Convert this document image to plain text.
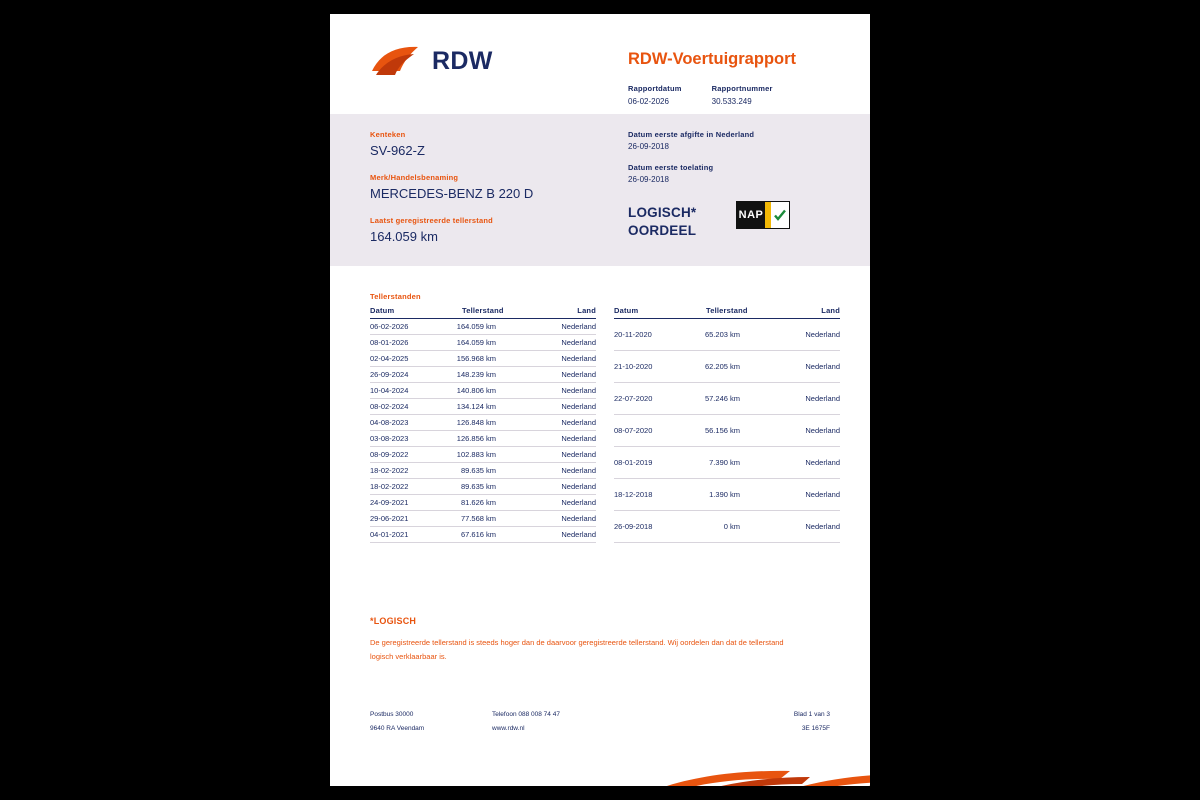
RDW	RDW-Voertuigrapport
Rapportdatum
06-02-2026
Rapportnummer
30.533.249
Kenteken
SV-962-Z
Merk/Handelsbenaming
MERCEDES-BENZ B 220 D
Laatst geregistreerde tellerstand
164.059 km
Datum eerste afgifte in Nederland
26-09-2018
Datum eerste toelating
26-09-2018
LOGISCH*
OORDEEL
NAP
Tellerstanden
Datum	Tellerstand	Land
06-02-2026	164.059 km	Nederland
08-01-2026	164.059 km	Nederland
02-04-2025	156.968 km	Nederland
26-09-2024	148.239 km	Nederland
10-04-2024	140.806 km	Nederland
08-02-2024	134.124 km	Nederland
04-08-2023	126.848 km	Nederland
03-08-2023	126.856 km	Nederland
08-09-2022	102.883 km	Nederland
18-02-2022	89.635 km	Nederland
18-02-2022	89.635 km	Nederland
24-09-2021	81.626 km	Nederland
29-06-2021	77.568 km	Nederland
04-01-2021	67.616 km	Nederland
Datum	Tellerstand	Land
20-11-2020	65.203 km	Nederland
21-10-2020	62.205 km	Nederland
22-07-2020	57.246 km	Nederland
08-07-2020	56.156 km	Nederland
08-01-2019	7.390 km	Nederland
18-12-2018	1.390 km	Nederland
26-09-2018	0 km	Nederland
*LOGISCH
De geregistreerde tellerstand is steeds hoger dan de daarvoor geregistreerde tellerstand. Wij oordelen dan dat de tellerstand logisch verklaarbaar is.
Postbus 30000
9640 RA Veendam
Telefoon 088 008 74 47
www.rdw.nl
Blad 1 van 3
3E 1675F
